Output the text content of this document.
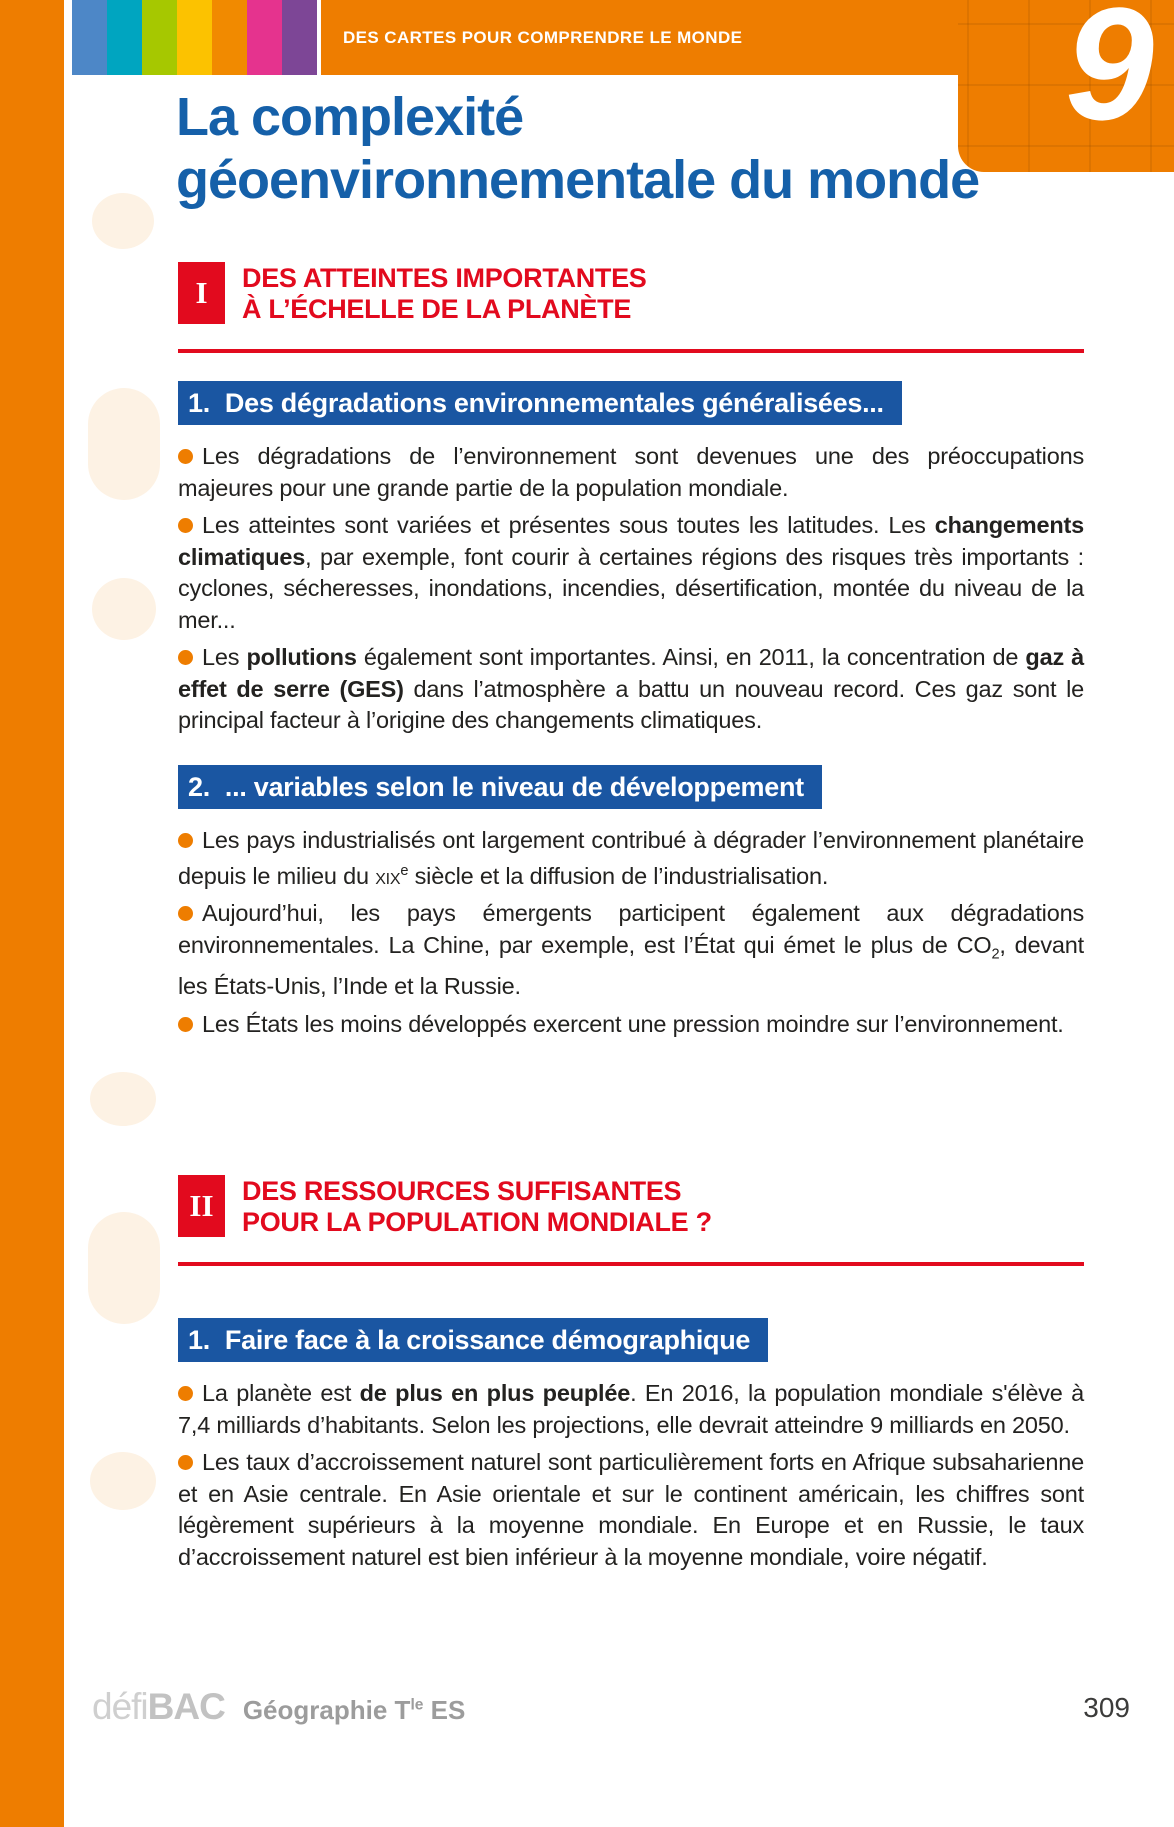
DES CARTES POUR COMPRENDRE LE MONDE 9
La complexité
géoenvironnementale du monde
I	DES ATTEINTES IMPORTANTES
À L’ÉCHELLE DE LA PLANÈTE
1. Des dégradations environnementales généralisées...

Les dégradations de l’environnement sont devenues une des préoccupations majeures pour une grande partie de la population mondiale.

Les atteintes sont variées et présentes sous toutes les latitudes. Les changements climatiques, par exemple, font courir à certaines régions des risques très importants : cyclones, sécheresses, inondations, incendies, désertification, montée du niveau de la mer...

Les pollutions également sont importantes. Ainsi, en 2011, la concentration de gaz à effet de serre (GES) dans l’atmosphère a battu un nouveau record. Ces gaz sont le principal facteur à l’origine des changements climatiques.

2. ... variables selon le niveau de développement

Les pays industrialisés ont largement contribué à dégrader l’environnement planétaire depuis le milieu du xix$^e$ siècle et la diffusion de l’industrialisation.

Aujourd’hui, les pays émergents participent également aux dégradations environnementales. La Chine, par exemple, est l’État qui émet le plus de $CO_2$, devant les États-Unis, l’Inde et la Russie.

Les États les moins développés exercent une pression moindre sur l’environnement.

II	DES RESSOURCES SUFFISANTES
POUR LA POPULATION MONDIALE ?
1. Faire face à la croissance démographique

La planète est de plus en plus peuplée. En 2016, la population mondiale s'élève à 7,4 milliards d’habitants. Selon les projections, elle devrait atteindre 9 milliards en 2050.

Les taux d’accroissement naturel sont particulièrement forts en Afrique subsaharienne et en Asie centrale. En Asie orientale et sur le continent américain, les chiffres sont légèrement supérieurs à la moyenne mondiale. En Europe et en Russie, le taux d’accroissement naturel est bien inférieur à la moyenne mondiale, voire négatif.

défi BAC Géographie $T^{le}$ ES	309
